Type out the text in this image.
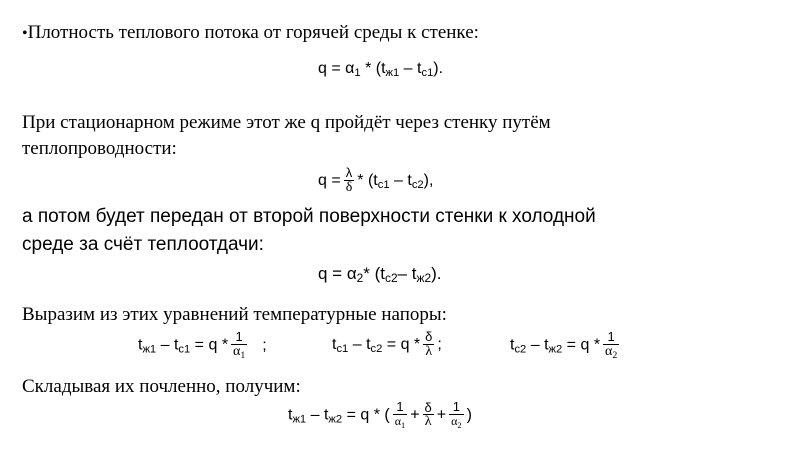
•Плотность теплового потока от горячей среды к стенке:
$q = \alpha_1 * (t_{ж1} - t_{с1})$.
При стационарном режиме этот же q пройдёт через стенку путём
теплопроводности:
$q = \frac{\lambda}{\delta} * (t_{с1} - t_{с2})$,
а потом будет передан от второй поверхности стенки к холодной
среде за счёт теплоотдачи:
$q = \alpha_2*$ ($t_{с2}-$ $t_{ж2}$).
Выразим из этих уравнений температурные напоры:
$t_{ж1} - t_{с1} = q * \frac{1}{\alpha_1}$ ;	$t_{с1} - t_{с2} = q * \frac{\delta}{\lambda}$ ;	$t_{с2} - t_{ж2} = q * \frac{1}{\alpha_2}$
Складывая их почленно, получим:
$t_{ж1} - t_{ж2} = q$ * ( $\frac{1}{\alpha_1} + \frac{\delta}{\lambda} + \frac{1}{\alpha_2}$ )
